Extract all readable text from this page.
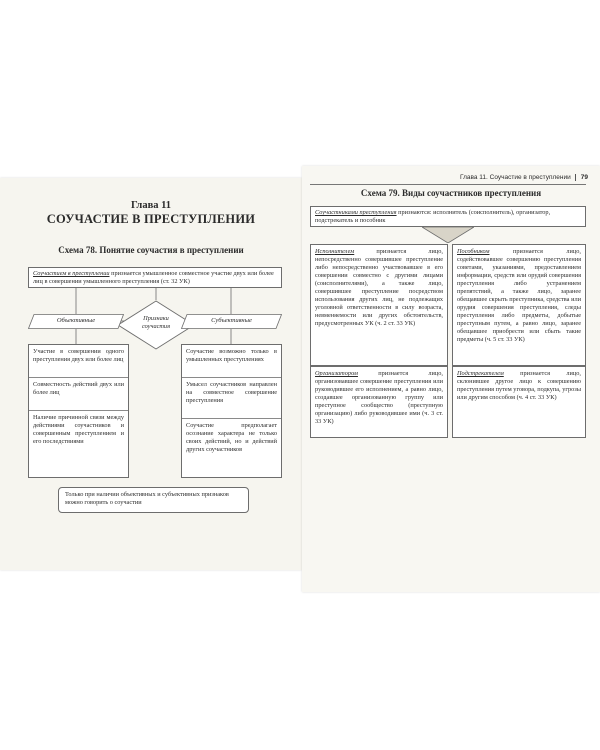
Глава 11
СОУЧАСТИЕ В ПРЕСТУПЛЕНИИ
Схема 78. Понятие соучастия в преступлении
Соучастием в преступлении признается умышленное совместное участие двух или более лиц в совершении умышленного преступления (ст. 32 УК)
Признаки соучастия
Объективные	Субъективные
Участие в совершении одного преступления двух или более лиц
Совместность действий двух или более лиц
Наличие причинной связи между действиями соучастников и совершенным преступлением и его последствиями
Соучастие возможно только в умышленных преступлениях
Умысел соучастников направлен на совместное совершение преступления
Соучастие предполагает осознание характера не только своих действий, но и действий других соучастников
Только при наличии объективных и субъективных признаков можно говорить о соучастии
Глава 11. Соучастие в преступлении 79
Схема 79. Виды соучастников преступления
Соучастниками преступления признаются: исполнитель (соисполнитель), организатор, подстрекатель и пособник
Исполнителем признается лицо, непосредственно совершившее преступление либо непосредственно участвовавшее в его совершении совместно с другими лицами (соисполнителями), а также лицо, совершившее преступление посредством использования других лиц, не подлежащих уголовной ответственности в силу возраста, невменяемости или других обстоятельств, предусмотренных УК (ч. 2 ст. 33 УК)
Пособником признается лицо, содействовавшее совершению преступления советами, указаниями, предоставлением информации, средств или орудий совершения преступления либо устранением препятствий, а также лицо, заранее обещавшее скрыть преступника, средства или орудия совершения преступления, следы преступления либо предметы, добытые преступным путем, а равно лицо, заранее обещавшее приобрести или сбыть такие предметы (ч. 5 ст. 33 УК)
Организатором признается лицо, организовавшее совершение преступления или руководившее его исполнением, а равно лицо, создавшее организованную группу или преступное сообщество (преступную организацию) либо руководившее ими (ч. 3 ст. 33 УК)
Подстрекателем признается лицо, склонившее другое лицо к совершению преступления путем уговора, подкупа, угрозы или другим способом (ч. 4 ст. 33 УК)
